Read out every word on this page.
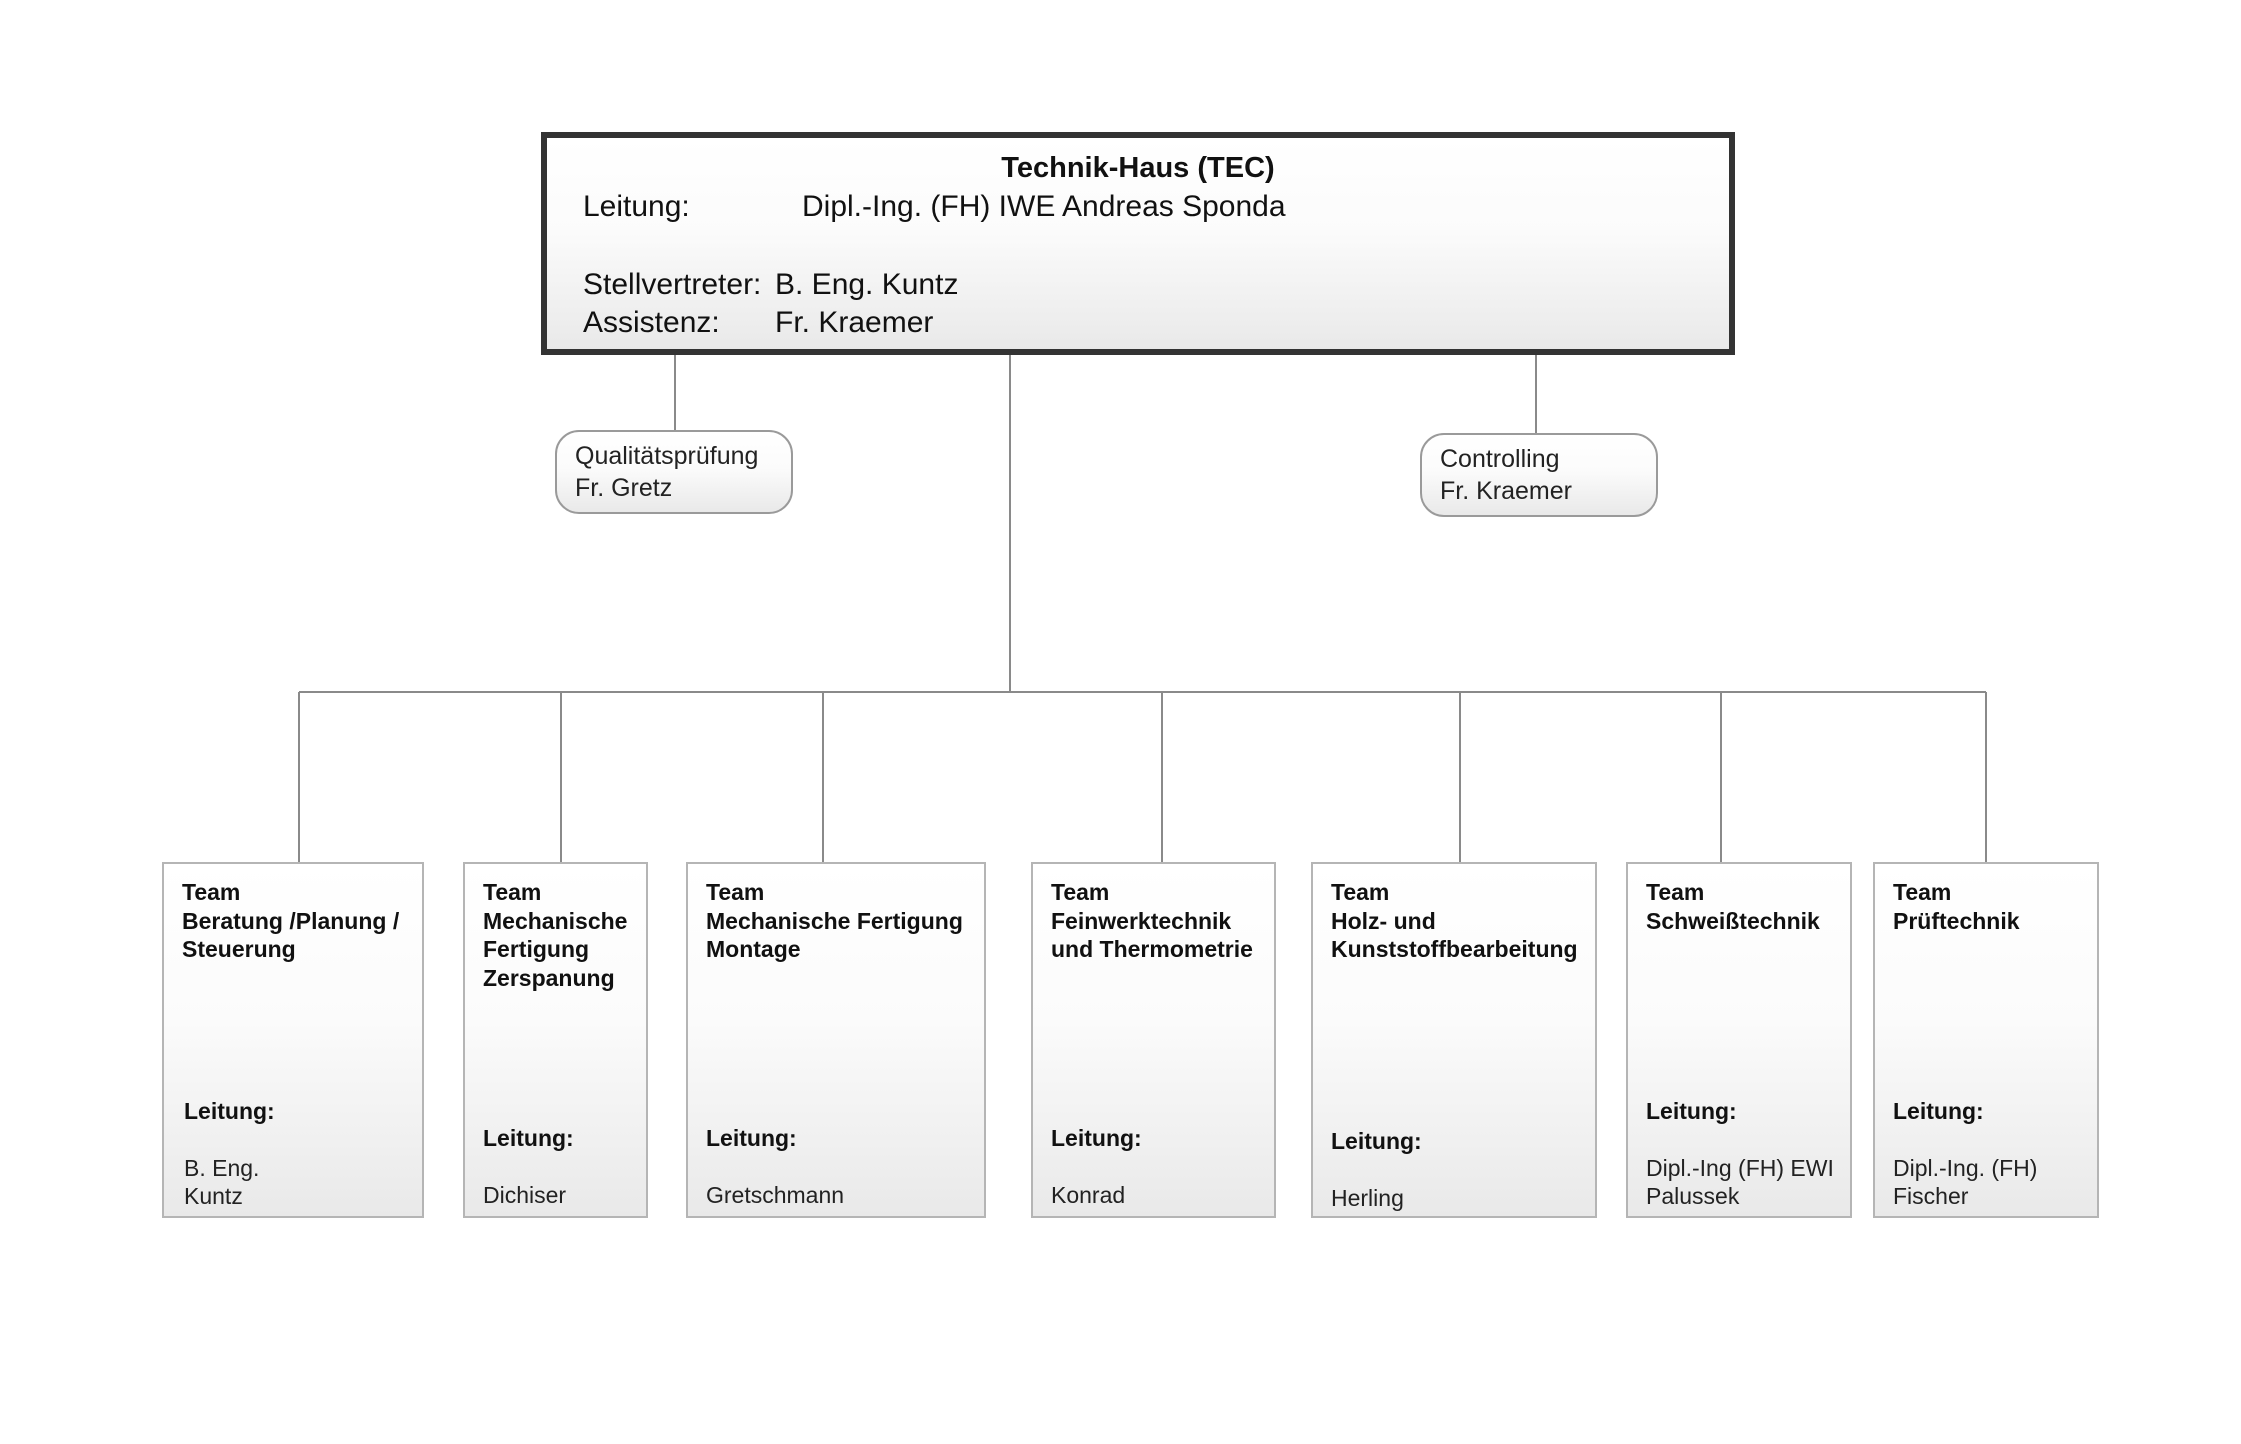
Technik-Haus (TEC)
Leitung:	Dipl.-Ing. (FH) IWE Andreas Sponda
Stellvertreter: B. Eng. Kuntz
Assistenz: Fr. Kraemer
Qualitätsprüfung
Fr. Gretz
Controlling
Fr. Kraemer
Team
Beratung /Planung /
Steuerung
Leitung:
B. Eng.
Kuntz
Team
Mechanische
Fertigung
Zerspanung
Leitung:
Dichiser
Team
Mechanische Fertigung
Montage
Leitung:
Gretschmann
Team
Feinwerktechnik
und Thermometrie
Leitung:
Konrad
Team
Holz- und
Kunststoffbearbeitung
Leitung:
Herling
Team
Schweißtechnik
Leitung:
Dipl.-Ing (FH) EWI
Palussek
Team
Prüftechnik
Leitung:
Dipl.-Ing. (FH)
Fischer
